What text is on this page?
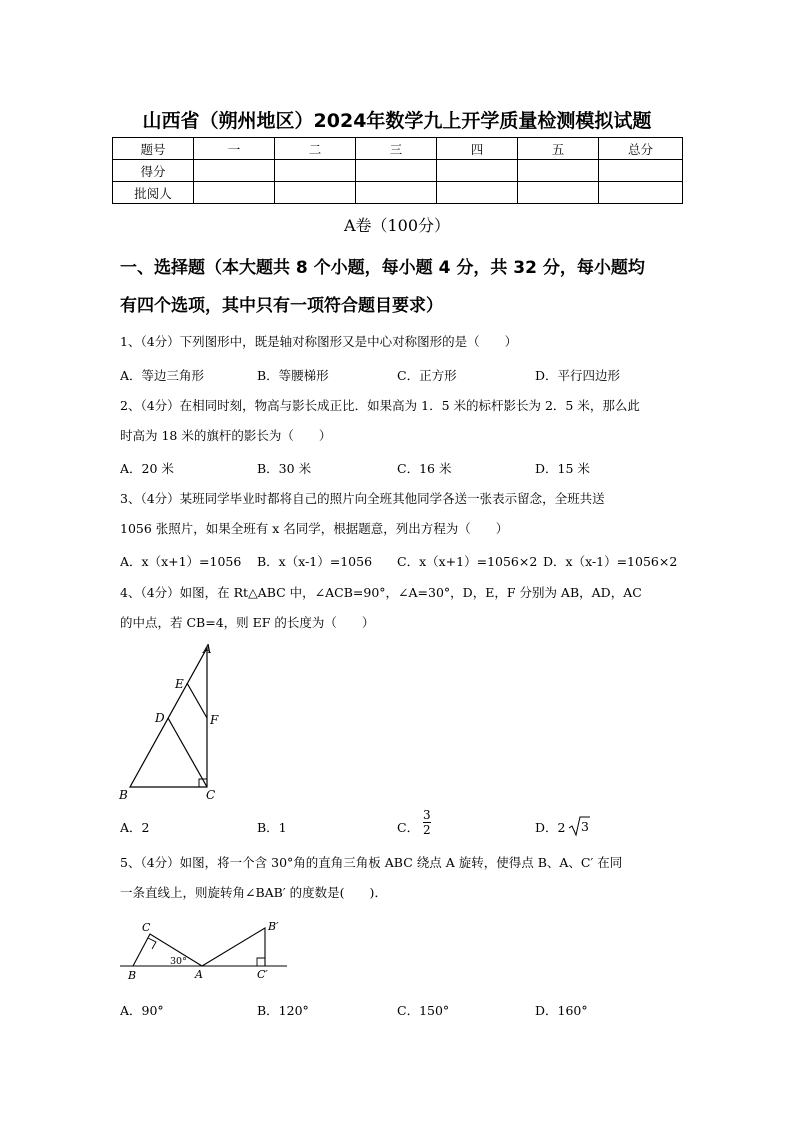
山西省（朔州地区）2024年数学九上开学质量检测模拟试题
题号	一	二	三	四	五	总分
得分						
批阅人						
A卷（100分）
一、选择题（本大题共 8 个小题，每小题 4 分，共 32 分，每小题均
有四个选项，其中只有一项符合题目要求）
1、（4分）下列图形中，既是轴对称图形又是中心对称图形的是（　　）
A．等边三角形	B．等腰梯形	C．正方形	D．平行四边形
2、（4分）在相同时刻，物高与影长成正比．如果高为 1．5 米的标杆影长为 2．5 米，那么此
时高为 18 米的旗杆的影长为（　　）
A．20 米	B．30 米	C．16 米	D．15 米
3、（4分）某班同学毕业时都将自己的照片向全班其他同学各送一张表示留念，全班共送
1056 张照片，如果全班有 x 名同学，根据题意，列出方程为（　　）
A．x（x+1）=1056 B．x（x-1）=1056 C．x（x+1）=1056×2 D．x（x-1）=1056×2
4、（4分）如图，在 Rt△ABC 中，∠ACB=90°，∠A=30°，D，E，F 分别为 AB，AD，AC
的中点，若 CB=4，则 EF 的长度为（　　）
A
E
D	F
B	C
A．2	B．1	C． $\frac{3}{2}$	D．2 3
5、（4分）如图，将一个含 30°角的直角三角板 ABC 绕点 A 旋转，使得点 B、A、C′ 在同
一条直线上，则旋转角∠BAB′ 的度数是(　　)．
C
B
30°
A
B′
C′
A．90°	B．120°	C．150°	D．160°
